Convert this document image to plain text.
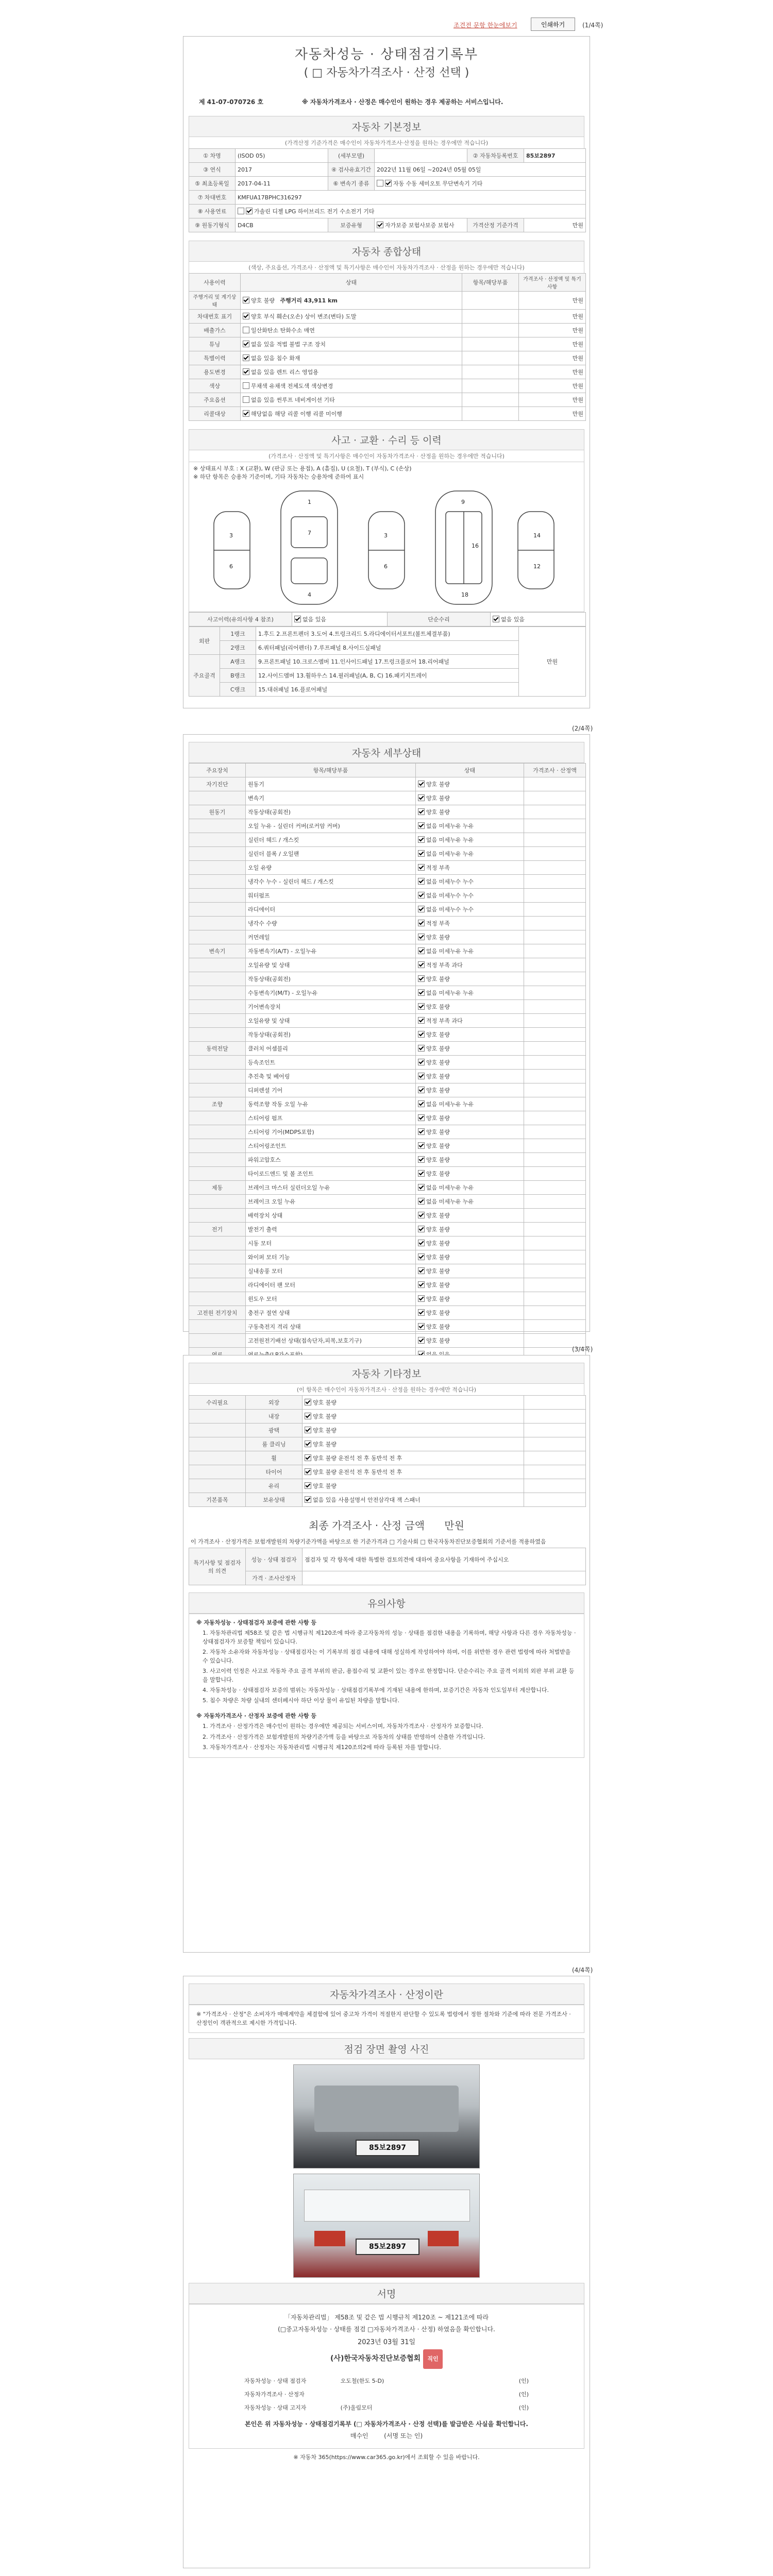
조견전 문항 한눈에보기	인쇄하기	(1/4쪽)
자동차성능 · 상태점검기록부
( □ 자동차가격조사 · 산정 선택 )
제 41-07-070726 호	※ 자동차가격조사 · 산정은 매수인이 원하는 경우 제공하는 서비스입니다.
자동차 기본정보
(가격산정 기준가격은 매수인이 자동차가격조사·산정을 원하는 경우에만 적습니다)
① 차명	(ISOD 05)	(세부모델)		② 자동차등록번호	85보2897
③ 연식	2017	④ 검사유효기간	2022년 11월 06일 ~2024년 05월 05일		
⑤ 최초등록일	2017-04-11	⑥ 변속기 종류	자동 수동 세미오토 무단변속기 기타		
⑦ 차대번호	KMFUA17BPHC316297				
⑧ 사용연료	가솔린 디젤 LPG 하이브리드 전기 수소전기 기타				
⑨ 원동기형식	D4CB	보증유형	자가보증 보험사보증 보험사	가격산정 기준가격	만원
자동차 종합상태
(색상, 주요옵션, 가격조사 · 산정액 및 특기사항은 매수인이 자동차가격조사 · 산정을 원하는 경우에만 적습니다)
사용이력	상태	항목/해당부품	가격조사 · 산정액 및 특기사항
주행거리 및 계기상태	양호 불량 주행거리 43,911 km		만원
차대번호 표기	양호 부식 훼손(오손) 상이 변조(변타) 도말		만원
배출가스	일산화탄소 탄화수소 매연		만원
튜닝	없음 있음 적법 불법 구조 장치		만원
특별이력	없음 있음 침수 화재		만원
용도변경	없음 있음 렌트 리스 영업용		만원
색상	무채색 유채색 전체도색 색상변경		만원
주요옵션	없음 있음 썬루프 네비게이션 기타		만원
리콜대상	해당없음 해당 리콜 이행 리콜 미이행		만원
사고 · 교환 · 수리 등 이력
(가격조사 · 산정액 및 특기사항은 매수인이 자동차가격조사 · 산정을 원하는 경우에만 적습니다)
※ 상태표시 부호 : X (교환), W (판금 또는 용접), A (흠집), U (요철), T (부식), C (손상)
※ 하단 항목은 승용차 기준이며, 기타 자동차는 승용차에 준하여 표시
3
6
1
7
4
3
6
9
16
18
14
12
사고이력(유의사항 4 참조)	없음 있음	단순수리	없음 있음
외판	1랭크	1.후드 2.프론트펜더 3.도어 4.트렁크리드 5.라디에이터서포트(볼트체결부품)	만원
	2랭크	6.쿼터패널(리어펜더) 7.루프패널 8.사이드실패널	
주요골격	A랭크	9.프론트패널 10.크로스멤버 11.인사이드패널 17.트렁크플로어 18.리어패널	
	B랭크	12.사이드멤버 13.휠하우스 14.필러패널(A, B, C) 16.패키지트레이	
	C랭크	15.대쉬패널 16.플로어패널	
(2/4쪽)
자동차 세부상태
주요장치	항목/해당부품	상태	가격조사 · 산정액
자기진단	원동기	양호 불량	
	변속기	양호 불량	
원동기	작동상태(공회전)	양호 불량	
	오일 누유 - 실린더 커버(로커암 커버)	없음 미세누유 누유	
	실린더 헤드 / 개스킷	없음 미세누유 누유	
	실린더 블록 / 오일팬	없음 미세누유 누유	
	오일 유량	적정 부족	
	냉각수 누수 - 실린더 헤드 / 개스킷	없음 미세누수 누수	
	워터펌프	없음 미세누수 누수	
	라디에이터	없음 미세누수 누수	
	냉각수 수량	적정 부족	
	커먼레일	양호 불량	
변속기	자동변속기(A/T) - 오일누유	없음 미세누유 누유	
	오일유량 및 상태	적정 부족 과다	
	작동상태(공회전)	양호 불량	
	수동변속기(M/T) - 오일누유	없음 미세누유 누유	
	기어변속장치	양호 불량	
	오일유량 및 상태	적정 부족 과다	
	작동상태(공회전)	양호 불량	
동력전달	클러치 어셈블리	양호 불량	
	등속조인트	양호 불량	
	추진축 및 베어링	양호 불량	
	디퍼렌셜 기어	양호 불량	
조향	동력조향 작동 오일 누유	없음 미세누유 누유	
	스티어링 펌프	양호 불량	
	스티어링 기어(MDPS포함)	양호 불량	
	스티어링조인트	양호 불량	
	파워고압호스	양호 불량	
	타이로드엔드 및 볼 조인트	양호 불량	
제동	브레이크 마스터 실린더오일 누유	없음 미세누유 누유	
	브레이크 오일 누유	없음 미세누유 누유	
	배력장치 상태	양호 불량	
전기	발전기 출력	양호 불량	
	시동 모터	양호 불량	
	와이퍼 모터 기능	양호 불량	
	실내송풍 모터	양호 불량	
	라디에이터 팬 모터	양호 불량	
	윈도우 모터	양호 불량	
고전원 전기장치	충전구 절연 상태	양호 불량	
	구동축전지 격리 상태	양호 불량	
	고전원전기배선 상태(접속단자,피복,보호기구)	양호 불량	

(3/4쪽)
자동차 기타정보
(이 항목은 매수인이 자동차가격조사 · 산정을 원하는 경우에만 적습니다)
수리필요	외장	양호 불량	
	내장	양호 불량	
	광택	양호 불량	
	룸 클리닝	양호 불량	
	휠	양호 불량 운전석 전 후 동반석 전 후	
	타이어	양호 불량 운전석 전 후 동반석 전 후	
	유리	양호 불량	
기본품목	보유상태	없음 있음 사용설명서 안전삼각대 잭 스패너	
최종 가격조사 · 산정 금액 만원
이 가격조사 · 산정가격은 보험개발원의 차량기준가액을 바탕으로 한 기준가격과 □ 기술사회 □ 한국자동차진단보증협회의 기준서를 적용하였음
특기사항 및 점검자의 의견	성능 · 상태 점검자	점검자 및 각 항목에 대한 특별한 검토의견에 대하여 중요사항을 기재하여 주십시오
	가격 · 조사산정자	
유의사항
※ 자동차성능 · 상태점검자 보증에 관한 사항 등
1. 자동차관리법 제58조 및 같은 법 시행규칙 제120조에 따라 중고자동차의 성능 · 상태를 점검한 내용을 기록하며, 해당 사항과 다른 경우 자동차성능 · 상태점검자가 보증할 책임이 있습니다.
2. 자동차 소유자와 자동차성능 · 상태점검자는 이 기록부의 점검 내용에 대해 성실하게 작성하여야 하며, 이를 위반한 경우 관련 법령에 따라 처벌받을 수 있습니다.
3. 사고이력 인정은 사고로 자동차 주요 골격 부위의 판금, 용접수리 및 교환이 있는 경우로 한정합니다. 단순수리는 주요 골격 이외의 외판 부위 교환 등을 말합니다.
4. 자동차성능 · 상태점검자 보증의 범위는 자동차성능 · 상태점검기록부에 기재된 내용에 한하며, 보증기간은 자동차 인도일부터 계산합니다.
5. 침수 차량은 차량 실내의 센터페시아 하단 이상 물이 유입된 차량을 말합니다.
※ 자동차가격조사 · 산정자 보증에 관한 사항 등
1. 가격조사 · 산정가격은 매수인이 원하는 경우에만 제공되는 서비스이며, 자동차가격조사 · 산정자가 보증합니다.
2. 가격조사 · 산정가격은 보험개발원의 차량기준가액 등을 바탕으로 자동차의 상태를 반영하여 산출한 가격입니다.
3. 자동차가격조사 · 산정자는 자동차관리법 시행규칙 제120조의2에 따라 등록된 자를 말합니다.
(4/4쪽)
자동차가격조사 · 산정이란
※ "가격조사 · 산정"은 소비자가 매매계약을 체결함에 있어 중고차 가격이 적절한지 판단할 수 있도록 법령에서 정한 절차와 기준에 따라 전문 가격조사 · 산정인이 객관적으로 제시한 가격입니다.
점검 장면 촬영 사진
85보2897
85보2897
서명
「자동차관리법」 제58조 및 같은 법 시행규칙 제120조 ~ 제121조에 따라
(□중고자동차성능 · 상태를 점검 □자동차가격조사 · 산정) 하였음을 확인합니다.
2023년 03월 31일
(사)한국자동차진단보증협회 직인
자동차성능 · 상태 점검자	오도철(한도 5-D)	(인)
자동차가격조사 · 산정자		(인)
자동차성능 · 상태 고지자	(주)울림모터	(인)
본인은 위 자동차성능 · 상태점검기록부 (□ 자동차가격조사 · 산정 선택)를 발급받은 사실을 확인합니다.
매수인	(서명 또는 인)
※ 자동차 365(https://www.car365.go.kr)에서 조회할 수 있을 바랍니다.
